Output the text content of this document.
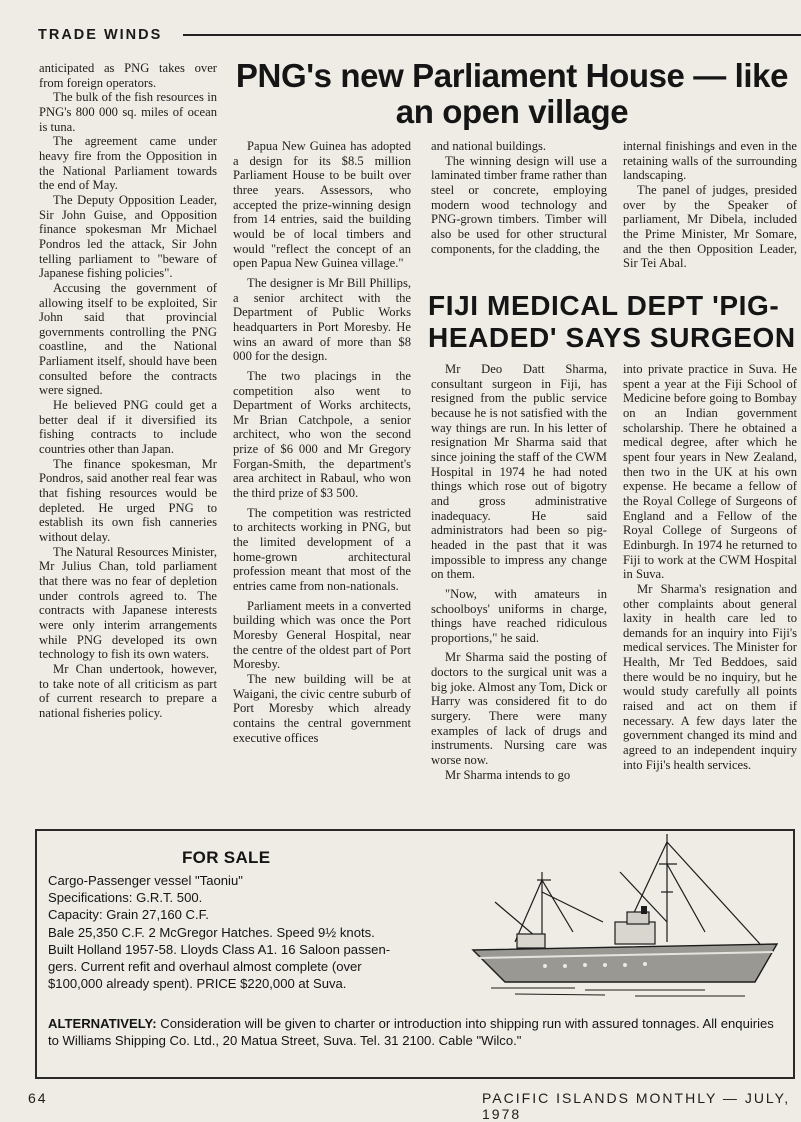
TRADE WINDS

anticipated as PNG takes over from foreign operators.

The bulk of the fish resources in PNG's 800 000 sq. miles of ocean is tuna.

The agreement came under heavy fire from the Opposition in the National Parliament towards the end of May.

The Deputy Opposition Leader, Sir John Guise, and Opposition finance spokesman Mr Michael Pondros led the attack, Sir John telling parliament to "beware of Japanese fishing policies".

Accusing the government of allowing itself to be exploited, Sir John said that provincial governments controlling the PNG coastline, and the National Parliament itself, should have been consulted before the contracts were signed.

He believed PNG could get a better deal if it diversified its fishing contracts to include countries other than Japan.

The finance spokesman, Mr Pondros, said another real fear was that fishing resources would be depleted. He urged PNG to establish its own fish canneries without delay.

The Natural Resources Minister, Mr Julius Chan, told parliament that there was no fear of depletion under controls agreed to. The contracts with Japanese interests were only interim arrangements while PNG developed its own technology to fish its own waters.

Mr Chan undertook, however, to take note of all criticism as part of current research to prepare a national fisheries policy.

PNG's new Parliament House — like an open village

Papua New Guinea has adopted a design for its $8.5 million Parliament House to be built over three years. Assessors, who accepted the prize-winning design from 14 entries, said the building would be of local timbers and would "reflect the concept of an open Papua New Guinea village."

The designer is Mr Bill Phillips, a senior architect with the Department of Public Works headquarters in Port Moresby. He wins an award of more than $8 000 for the design.

The two placings in the competition also went to Department of Works architects, Mr Brian Catchpole, a senior architect, who won the second prize of $6 000 and Mr Gregory Forgan-Smith, the department's area architect in Rabaul, who won the third prize of $3 500.

The competition was restricted to architects working in PNG, but the limited development of a home-grown architectural profession meant that most of the entries came from non-nationals.

Parliament meets in a converted building which was once the Port Moresby General Hospital, near the centre of the oldest part of Port Moresby.

The new building will be at Waigani, the civic centre suburb of Port Moresby which already contains the central government executive offices

and national buildings.

The winning design will use a laminated timber frame rather than steel or concrete, employing modern wood technology and PNG-grown timbers. Timber will also be used for other structural components, for the cladding, the

internal finishings and even in the retaining walls of the surrounding landscaping.

The panel of judges, presided over by the Speaker of parliament, Mr Dibela, included the Prime Minister, Mr Somare, and the then Opposition Leader, Sir Tei Abal.

FIJI MEDICAL DEPT 'PIG-HEADED' SAYS SURGEON

Mr Deo Datt Sharma, consultant surgeon in Fiji, has resigned from the public service because he is not satisfied with the way things are run. In his letter of resignation Mr Sharma said that since joining the staff of the CWM Hospital in 1974 he had noted things which rose out of bigotry and gross administrative inadequacy. He said administrators had been so pig-headed in the past that it was impossible to impress any change on them.

"Now, with amateurs in schoolboys' uniforms in charge, things have reached ridiculous proportions," he said.

Mr Sharma said the posting of doctors to the surgical unit was a big joke. Almost any Tom, Dick or Harry was considered fit to do surgery. There were many examples of lack of drugs and instruments. Nursing care was worse now.

Mr Sharma intends to go

into private practice in Suva. He spent a year at the Fiji School of Medicine before going to Bombay on an Indian government scholarship. There he obtained a medical degree, after which he spent four years in New Zealand, then two in the UK at his own expense. He became a fellow of the Royal College of Surgeons of England and a Fellow of the Royal College of Surgeons of Edinburgh. In 1974 he returned to Fiji to work at the CWM Hospital in Suva.

Mr Sharma's resignation and other complaints about general laxity in health care led to demands for an inquiry into Fiji's medical services. The Minister for Health, Mr Ted Beddoes, said there would be no inquiry, but he would study carefully all points raised and act on them if necessary. A few days later the government changed its mind and agreed to an independent inquiry into Fiji's health services.

FOR SALE
Cargo-Passenger vessel "Taoniu"
Specifications: G.R.T. 500.
Capacity: Grain 27,160 C.F.
Bale 25,350 C.F. 2 McGregor Hatches. Speed 9½ knots.
Built Holland 1957-58. Lloyds Class A1. 16 Saloon passen-
gers. Current refit and overhaul almost complete (over
$100,000 already spent). PRICE $220,000 at Suva.
ALTERNATIVELY: Consideration will be given to charter or introduction into shipping run with assured tonnages. All enquiries to Williams Shipping Co. Ltd., 20 Matua Street, Suva. Tel. 31 2100. Cable "Wilco."
64	PACIFIC ISLANDS MONTHLY — JULY, 1978
